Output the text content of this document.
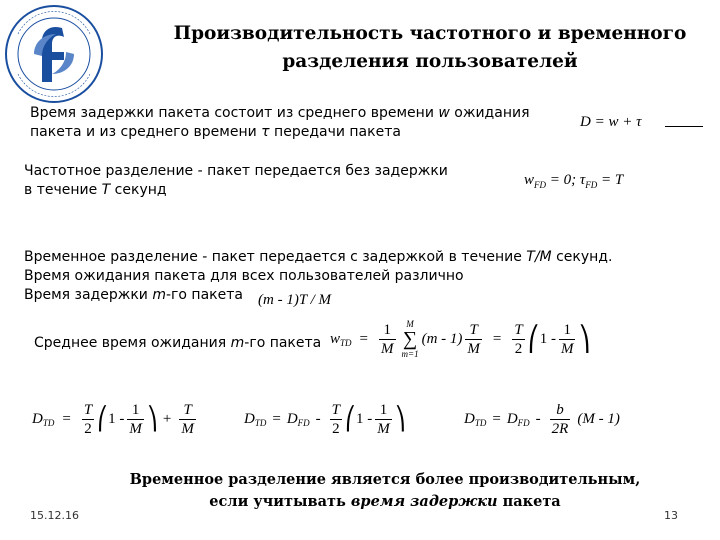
Производительность частотного и временного
разделения пользователей
Время задержки пакета состоит из среднего времени w ожидания
пакета и из среднего времени τ передачи пакета
D = w + τ
Частотное разделение - пакет передается без задержки
в течение T секунд
$w_{FD} = 0$; $\tau_{FD} = T$
Временное разделение - пакет передается с задержкой в течение T/M секунд.
Время ожидания пакета для всех пользователей различно
Время задержки m-го пакета	(m - 1)T / M
Среднее время ожидания m-го пакета w TD = $\frac{1}{M}$ M
∑
m=1
$(m - 1) \frac{T}{M} = \frac{T}{2}$ ⎛ $1 - \frac{1}{M}$ ⎞
D TD = $\frac{T}{2}$ ⎛ $1 - \frac{1}{M}$ ⎞ + $\frac{T}{M}$	D TD = D FD - $\frac{T}{2}$ ⎛ $1 - \frac{1}{M}$ ⎞	D TD = D FD - $\frac{b}{2R} (M - 1)$
Временное разделение является более производительным,
если учитывать время задержки пакета
15.12.16	13
